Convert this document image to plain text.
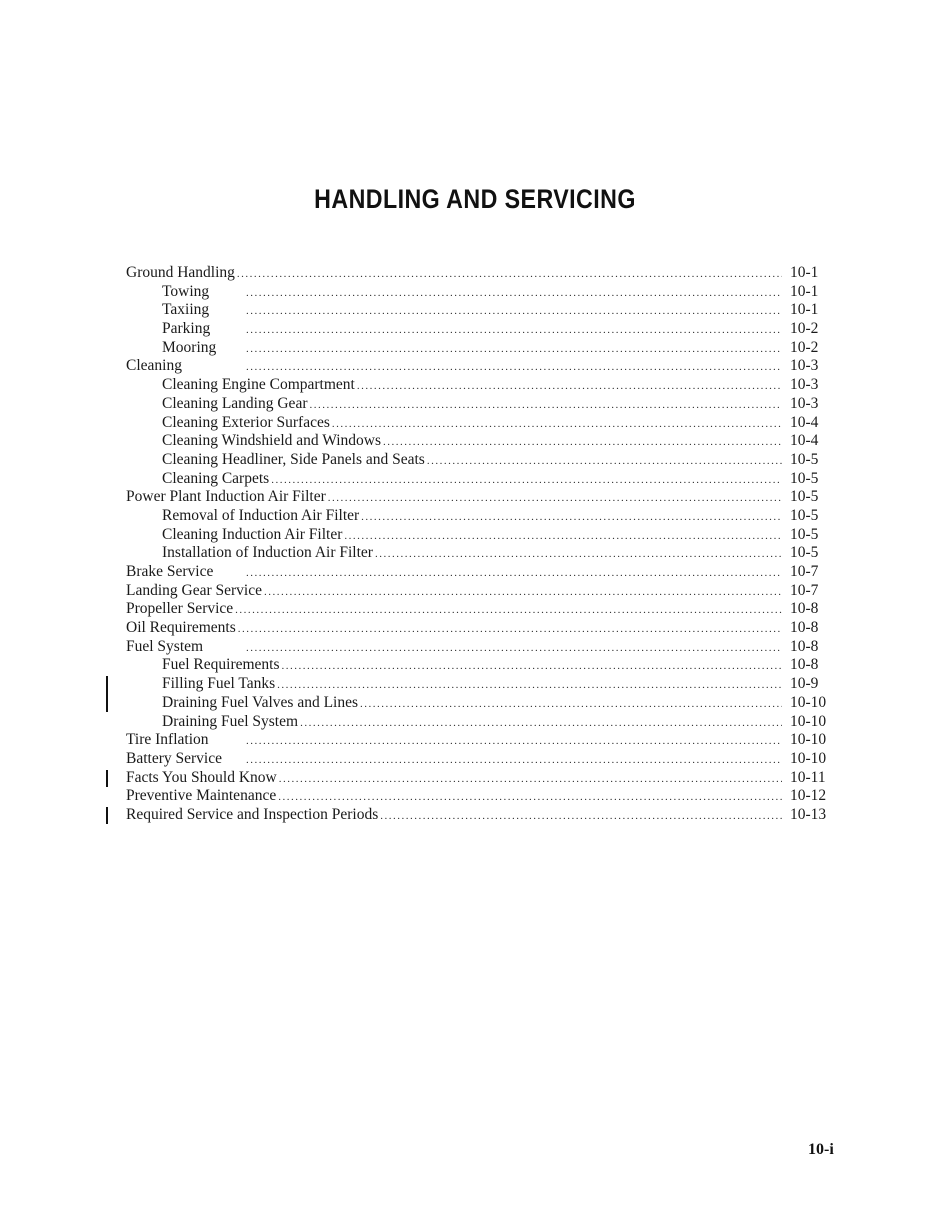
HANDLING AND SERVICING
Ground Handling .....	10-1
Towing .....	10-1
Taxiing .....	10-1
Parking .....	10-2
Mooring .....	10-2
Cleaning .....	10-3
Cleaning Engine Compartment .....	10-3
Cleaning Landing Gear .....	10-3
Cleaning Exterior Surfaces .....	10-4
Cleaning Windshield and Windows .....	10-4
Cleaning Headliner, Side Panels and Seats .....	10-5
Cleaning Carpets .....	10-5
Power Plant Induction Air Filter .....	10-5
Removal of Induction Air Filter .....	10-5
Cleaning Induction Air Filter .....	10-5
Installation of Induction Air Filter .....	10-5
Brake Service .....	10-7
Landing Gear Service .....	10-7
Propeller Service .....	10-8
Oil Requirements .....	10-8
Fuel System .....	10-8
Fuel Requirements .....	10-8
Filling Fuel Tanks .....	10-9
Draining Fuel Valves and Lines .....	10-10
Draining Fuel System .....	10-10
Tire Inflation .....	10-10
Battery Service .....	10-10
Facts You Should Know .....	10-11
Preventive Maintenance .....	10-12
Required Service and Inspection Periods .....	10-13
10-i
